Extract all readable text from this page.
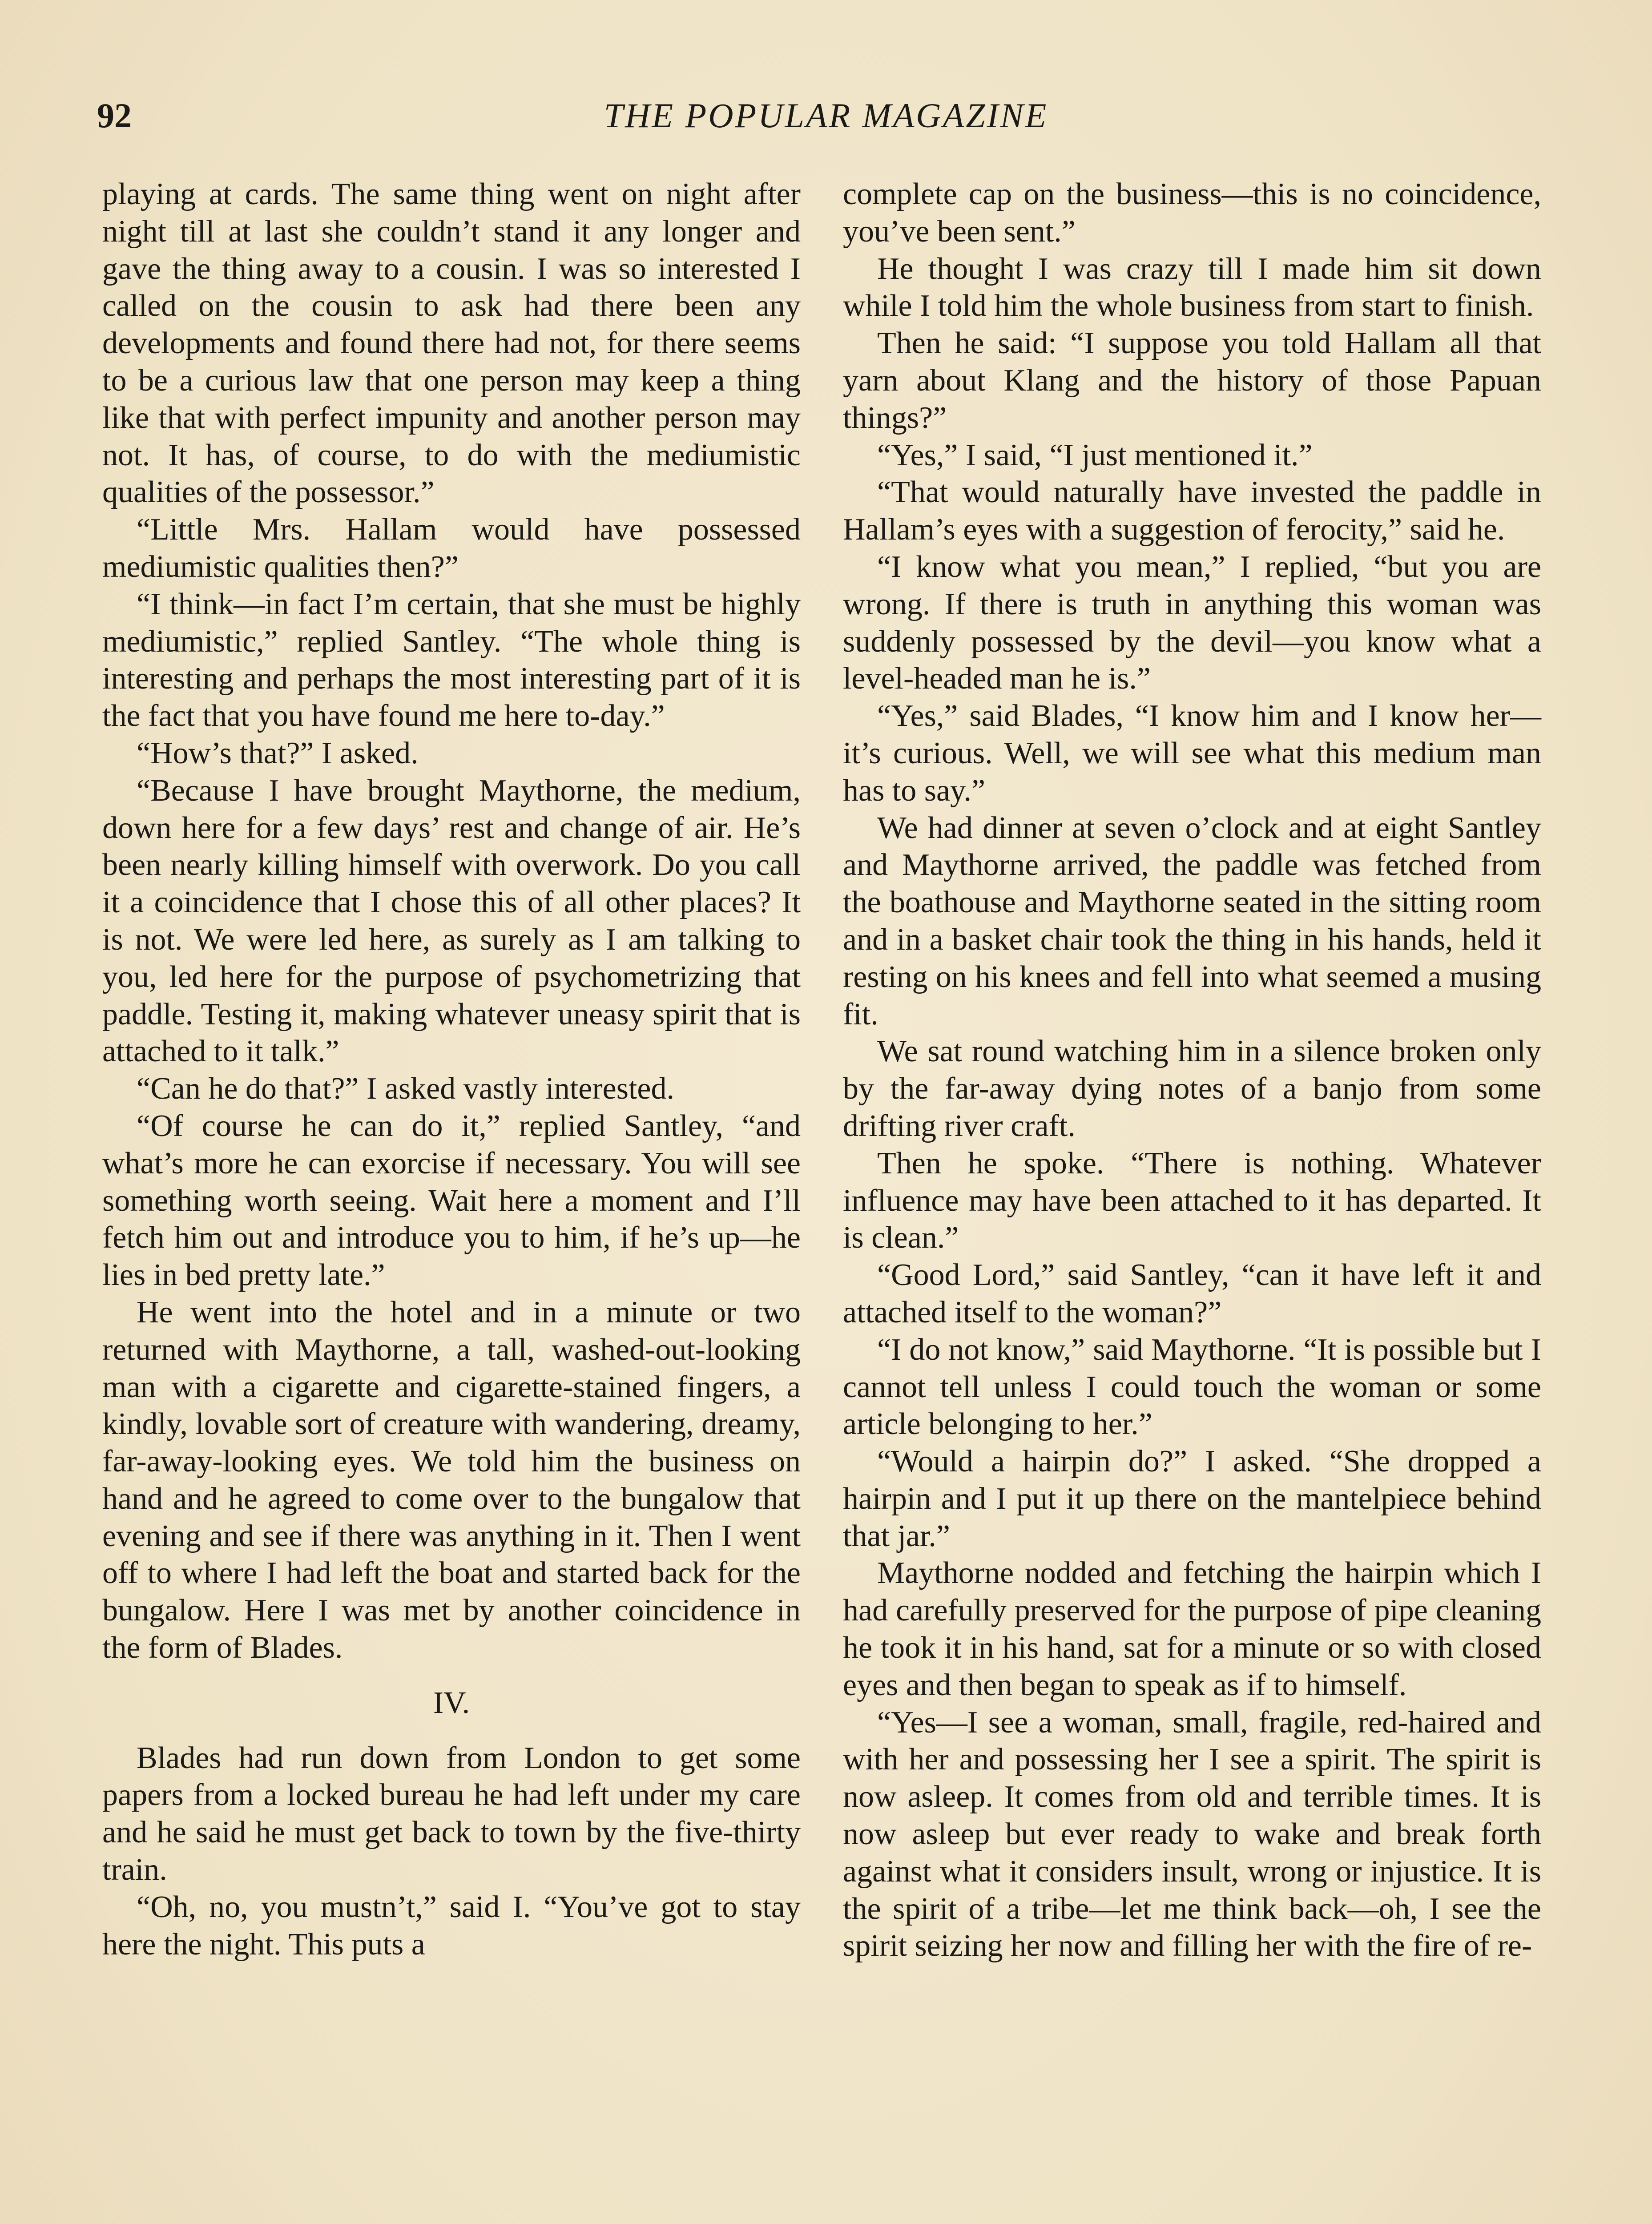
92	THE POPULAR MAGAZINE

playing at cards. The same thing went on night after night till at last she couldn’t stand it any longer and gave the thing away to a cousin. I was so interested I called on the cousin to ask had there been any developments and found there had not, for there seems to be a curious law that one person may keep a thing like that with perfect impunity and another person may not. It has, of course, to do with the mediumistic qualities of the possessor.”

“Little Mrs. Hallam would have possessed mediumistic qualities then?”

“I think—in fact I’m certain, that she must be highly mediumistic,” replied Santley. “The whole thing is interesting and perhaps the most interesting part of it is the fact that you have found me here to-day.”

“How’s that?” I asked.

“Because I have brought Maythorne, the medium, down here for a few days’ rest and change of air. He’s been nearly killing himself with overwork. Do you call it a coincidence that I chose this of all other places? It is not. We were led here, as surely as I am talking to you, led here for the purpose of psychometrizing that paddle. Testing it, making whatever uneasy spirit that is attached to it talk.”

“Can he do that?” I asked vastly interested.

“Of course he can do it,” replied Santley, “and what’s more he can exorcise if necessary. You will see something worth seeing. Wait here a moment and I’ll fetch him out and introduce you to him, if he’s up—he lies in bed pretty late.”

He went into the hotel and in a minute or two returned with Maythorne, a tall, washed-out-looking man with a cigarette and cigarette-stained fingers, a kindly, lovable sort of creature with wandering, dreamy, far-away-looking eyes. We told him the business on hand and he agreed to come over to the bungalow that evening and see if there was anything in it. Then I went off to where I had left the boat and started back for the bungalow. Here I was met by another coincidence in the form of Blades.

IV.

Blades had run down from London to get some papers from a locked bureau he had left under my care and he said he must get back to town by the five-thirty train.

“Oh, no, you mustn’t,” said I. “You’ve got to stay here the night. This puts a

complete cap on the business—this is no coincidence, you’ve been sent.”

He thought I was crazy till I made him sit down while I told him the whole business from start to finish.

Then he said: “I suppose you told Hallam all that yarn about Klang and the history of those Papuan things?”

“Yes,” I said, “I just mentioned it.”

“That would naturally have invested the paddle in Hallam’s eyes with a suggestion of ferocity,” said he.

“I know what you mean,” I replied, “but you are wrong. If there is truth in anything this woman was suddenly possessed by the devil—you know what a level-headed man he is.”

“Yes,” said Blades, “I know him and I know her—it’s curious. Well, we will see what this medium man has to say.”

We had dinner at seven o’clock and at eight Santley and Maythorne arrived, the paddle was fetched from the boathouse and Maythorne seated in the sitting room and in a basket chair took the thing in his hands, held it resting on his knees and fell into what seemed a musing fit.

We sat round watching him in a silence broken only by the far-away dying notes of a banjo from some drifting river craft.

Then he spoke. “There is nothing. Whatever influence may have been attached to it has departed. It is clean.”

“Good Lord,” said Santley, “can it have left it and attached itself to the woman?”

“I do not know,” said Maythorne. “It is possible but I cannot tell unless I could touch the woman or some article belonging to her.”

“Would a hairpin do?” I asked. “She dropped a hairpin and I put it up there on the mantelpiece behind that jar.”

Maythorne nodded and fetching the hairpin which I had carefully preserved for the purpose of pipe cleaning he took it in his hand, sat for a minute or so with closed eyes and then began to speak as if to himself.

“Yes—I see a woman, small, fragile, red-haired and with her and possessing her I see a spirit. The spirit is now asleep. It comes from old and terrible times. It is now asleep but ever ready to wake and break forth against what it considers insult, wrong or injustice. It is the spirit of a tribe—let me think back—oh, I see the spirit seizing her now and filling her with the fire of re-
